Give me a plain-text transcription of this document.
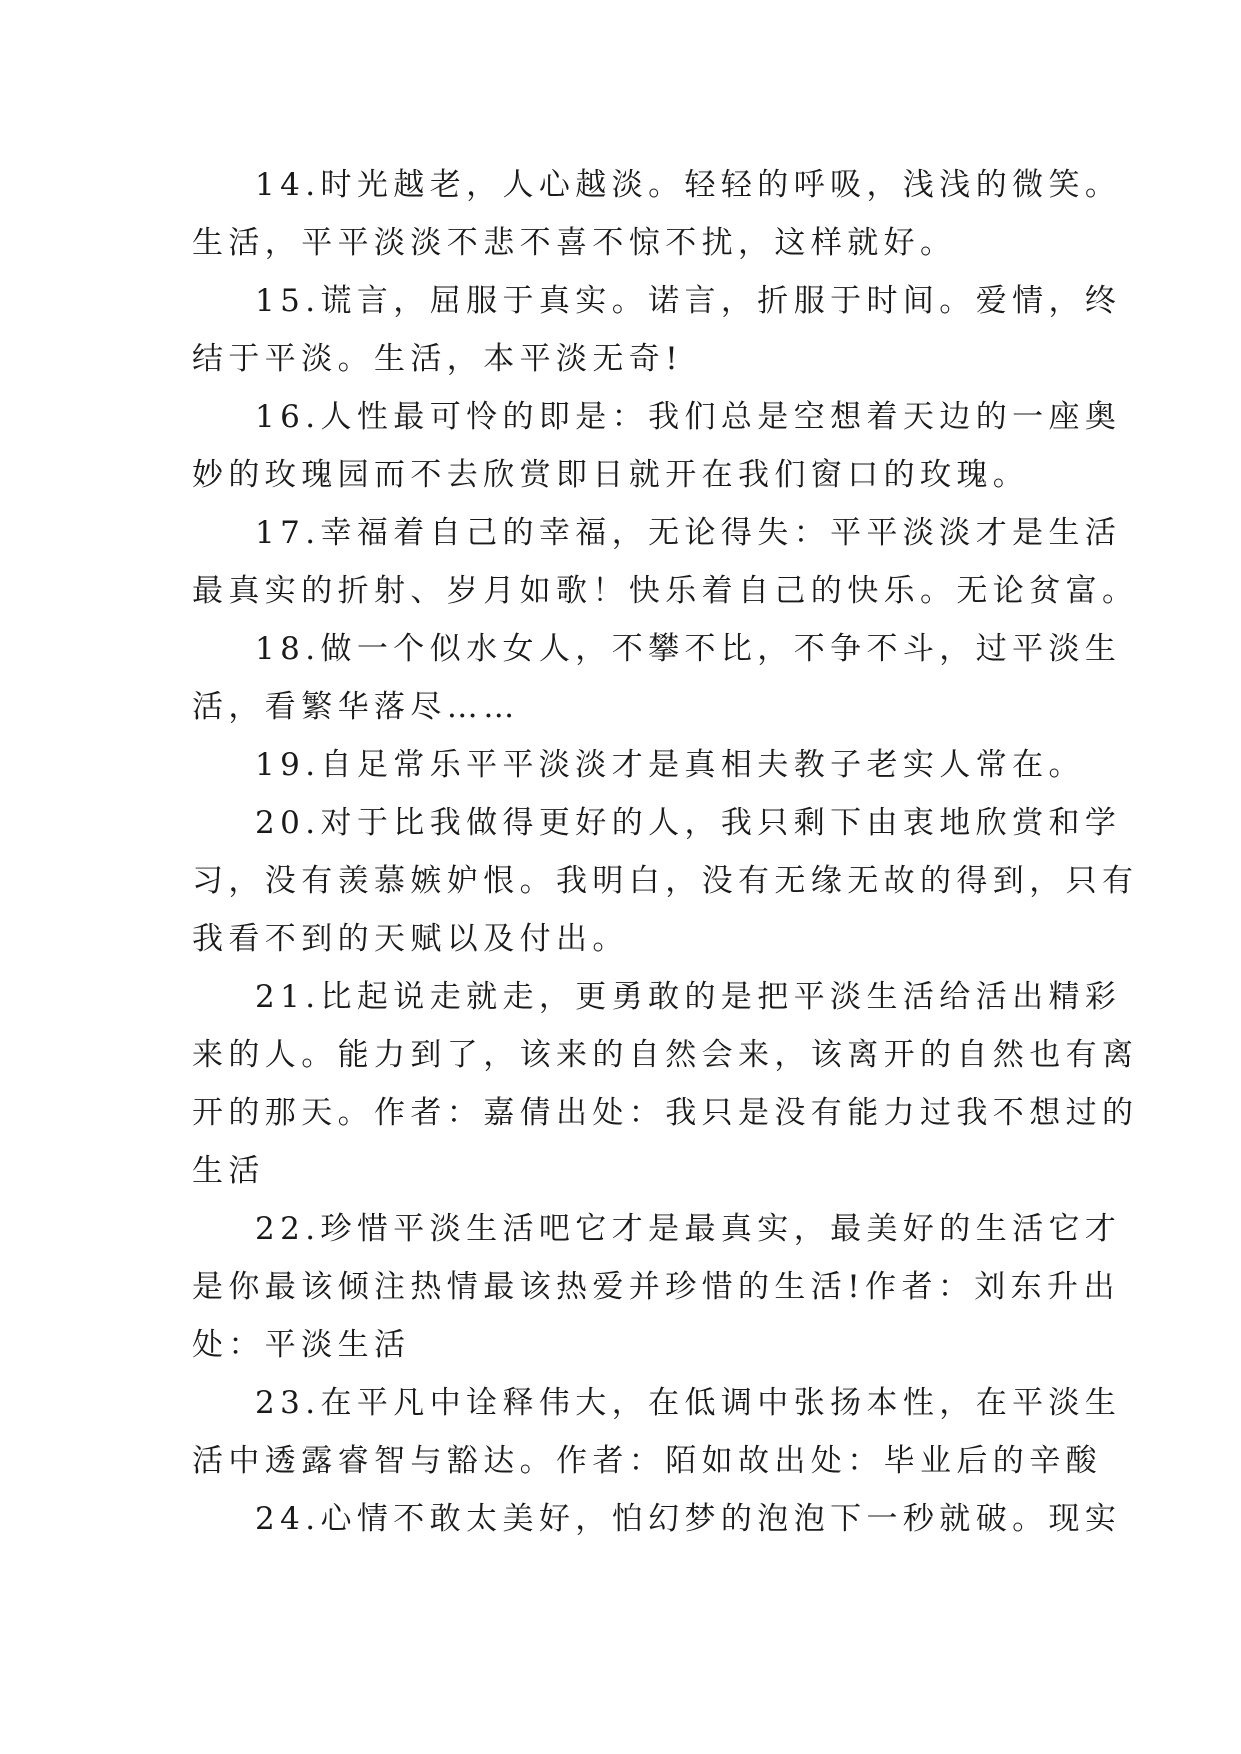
14.时光越老，人心越淡。轻轻的呼吸，浅浅的微笑。
生活，平平淡淡不悲不喜不惊不扰，这样就好。
15.谎言，屈服于真实。诺言，折服于时间。爱情，终
结于平淡。生活，本平淡无奇!
16.人性最可怜的即是：我们总是空想着天边的一座奥
妙的玫瑰园而不去欣赏即日就开在我们窗口的玫瑰。
17.幸福着自己的幸福，无论得失：平平淡淡才是生活
最真实的折射、岁月如歌！快乐着自己的快乐。无论贫富。
18.做一个似水女人，不攀不比，不争不斗，过平淡生
活，看繁华落尽……
19.自足常乐平平淡淡才是真相夫教子老实人常在。
20.对于比我做得更好的人，我只剩下由衷地欣赏和学
习，没有羡慕嫉妒恨。我明白，没有无缘无故的得到，只有
我看不到的天赋以及付出。
21.比起说走就走，更勇敢的是把平淡生活给活出精彩
来的人。能力到了，该来的自然会来，该离开的自然也有离
开的那天。作者：嘉倩出处：我只是没有能力过我不想过的
生活
22.珍惜平淡生活吧它才是最真实，最美好的生活它才
是你最该倾注热情最该热爱并珍惜的生活!作者：刘东升出
处：平淡生活
23.在平凡中诠释伟大，在低调中张扬本性，在平淡生
活中透露睿智与豁达。作者：陌如故出处：毕业后的辛酸
24.心情不敢太美好，怕幻梦的泡泡下一秒就破。现实
